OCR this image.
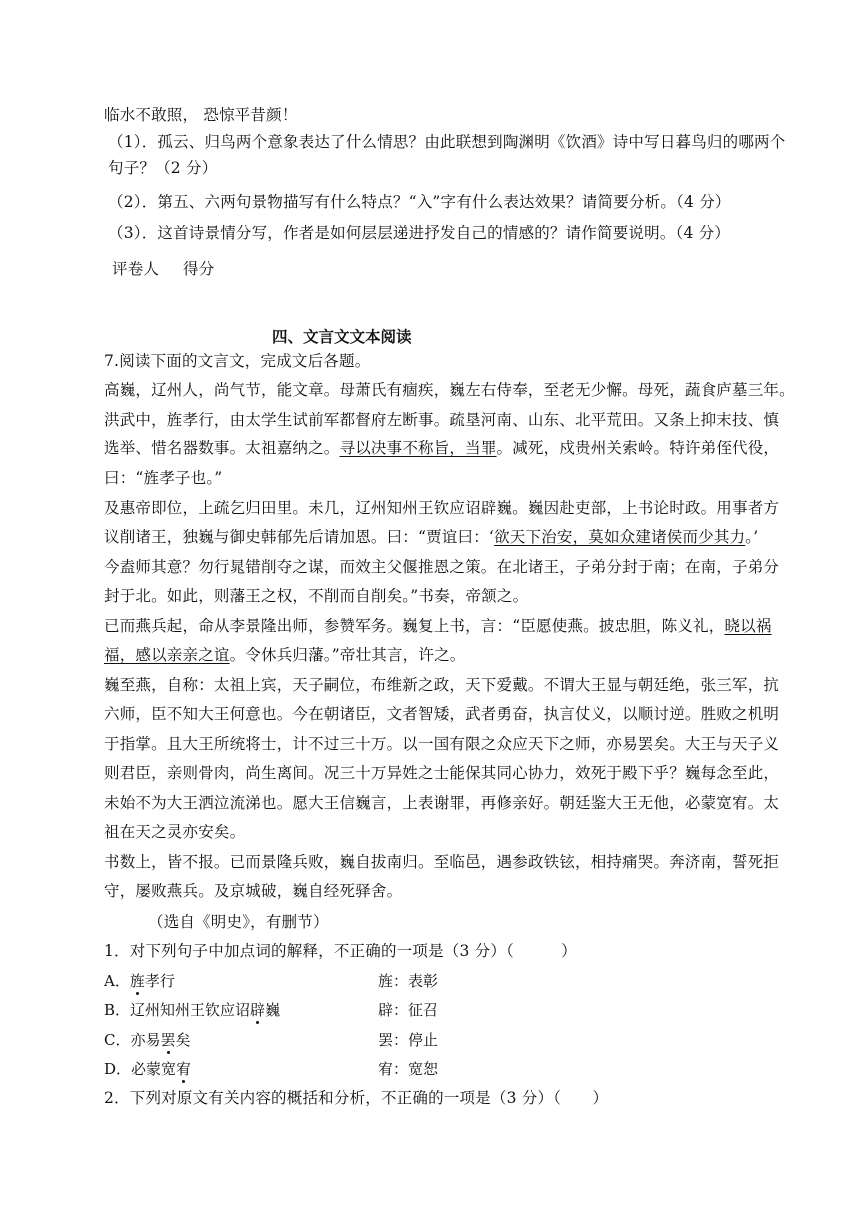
临水不敢照， 恐惊平昔颜！
（1）．孤云、归鸟两个意象表达了什么情思？由此联想到陶渊明《饮酒》诗中写日暮鸟归的哪两个
句子？（2 分）
（2）．第五、六两句景物描写有什么特点？“入”字有什么表达效果？请简要分析。（4 分）
（3）．这首诗景情分写，作者是如何层层递进抒发自己的情感的？请作简要说明。（4 分）
评卷人 得分
四、文言文文本阅读
7.阅读下面的文言文，完成文后各题。
高巍，辽州人，尚气节，能文章。母萧氏有痼疾，巍左右侍奉，至老无少懈。母死，蔬食庐墓三年。
洪武中，旌孝行，由太学生试前军都督府左断事。疏垦河南、山东、北平荒田。又条上抑末技、慎
选举、惜名器数事。太祖嘉纳之。寻以决事不称旨，当罪。减死，戍贵州关索岭。特许弟侄代役，
曰：“旌孝子也。”
及惠帝即位，上疏乞归田里。未几，辽州知州王钦应诏辟巍。巍因赴吏部，上书论时政。用事者方
议削诸王，独巍与御史韩郁先后请加恩。曰：“贾谊曰：‘欲天下治安，莫如众建诸侯而少其力。’
今盍师其意？勿行晁错削夺之谋，而效主父偃推恩之策。在北诸王，子弟分封于南；在南，子弟分
封于北。如此，则藩王之权，不削而自削矣。”书奏，帝颔之。
已而燕兵起，命从李景隆出师，参赞军务。巍复上书，言：“臣愿使燕。披忠胆，陈义礼，晓以祸
福，感以亲亲之谊。令休兵归藩。”帝壮其言，许之。
巍至燕，自称：太祖上宾，天子嗣位，布维新之政，天下爱戴。不谓大王显与朝廷绝，张三军，抗
六师，臣不知大王何意也。今在朝诸臣，文者智矮，武者勇奋，执言仗义，以顺讨逆。胜败之机明
于指掌。且大王所统将士，计不过三十万。以一国有限之众应天下之师，亦易罢矣。大王与天子义
则君臣，亲则骨肉，尚生离间。况三十万异姓之士能保其同心协力，效死于殿下乎？巍每念至此，
未始不为大王洒泣流涕也。愿大王信巍言，上表谢罪，再修亲好。朝廷鉴大王无他，必蒙宽宥。太
祖在天之灵亦安矣。
书数上，皆不报。已而景隆兵败，巍自拔南归。至临邑，遇参政铁铉，相持痛哭。奔济南，誓死拒
守，屡败燕兵。及京城破，巍自经死驿舍。
（选自《明史》，有删节）
1．对下列句子中加点词的解释，不正确的一项是（3 分）（　　　）
A．旌孝行	旌：表彰
B．辽州知州王钦应诏辟巍	辟：征召
C．亦易罢矣	罢：停止
D．必蒙宽宥	宥：宽恕
2．下列对原文有关内容的概括和分析，不正确的一项是（3 分）（　　）
